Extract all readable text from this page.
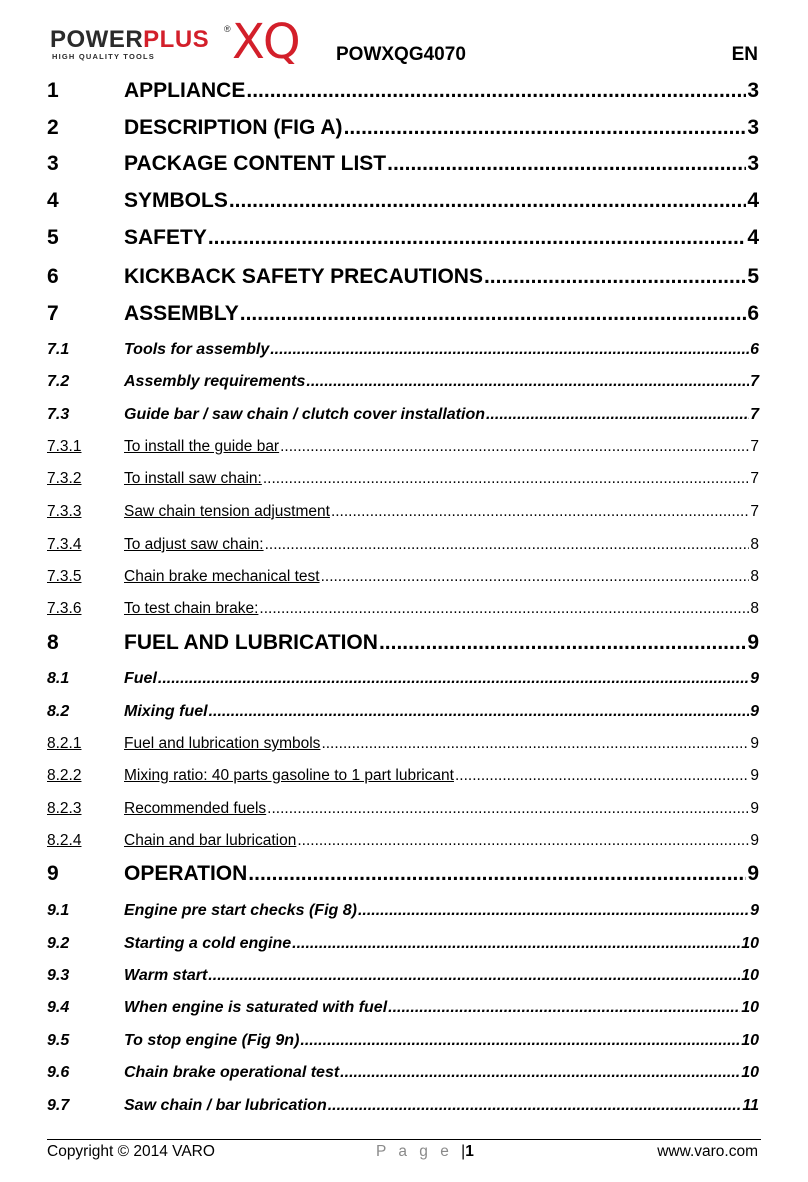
POWERPLUS ®
HIGH QUALITY TOOLS XQ POWXQG4070	EN
1	APPLIANCE .....	3
2	DESCRIPTION (FIG A) .....	3
3	PACKAGE CONTENT LIST .....	3
4	SYMBOLS .....	4
5	SAFETY .....	4
6	KICKBACK SAFETY PRECAUTIONS .....	5
7	ASSEMBLY .....	6
7.1	Tools for assembly .....	6
7.2	Assembly requirements .....	7
7.3	Guide bar / saw chain / clutch cover installation .....	7
7.3.1	To install the guide bar .....	7
7.3.2	To install saw chain: .....	7
7.3.3	Saw chain tension adjustment .....	7
7.3.4	To adjust saw chain: .....	8
7.3.5	Chain brake mechanical test .....	8
7.3.6	To test chain brake: .....	8
8	FUEL AND LUBRICATION .....	9
8.1	Fuel .....	9
8.2	Mixing fuel .....	9
8.2.1	Fuel and lubrication symbols .....	9
8.2.2	Mixing ratio: 40 parts gasoline to 1 part lubricant .....	9
8.2.3	Recommended fuels .....	9
8.2.4	Chain and bar lubrication .....	9
9	OPERATION .....	9
9.1	Engine pre start checks (Fig 8) .....	9
9.2	Starting a cold engine .....	10
9.3	Warm start .....	10
9.4	When engine is saturated with fuel .....	10
9.5	To stop engine (Fig 9n) .....	10
9.6	Chain brake operational test .....	10
9.7	Saw chain / bar lubrication .....	11
Copyright © 2014 VARO	P a g e |1	www.varo.com
